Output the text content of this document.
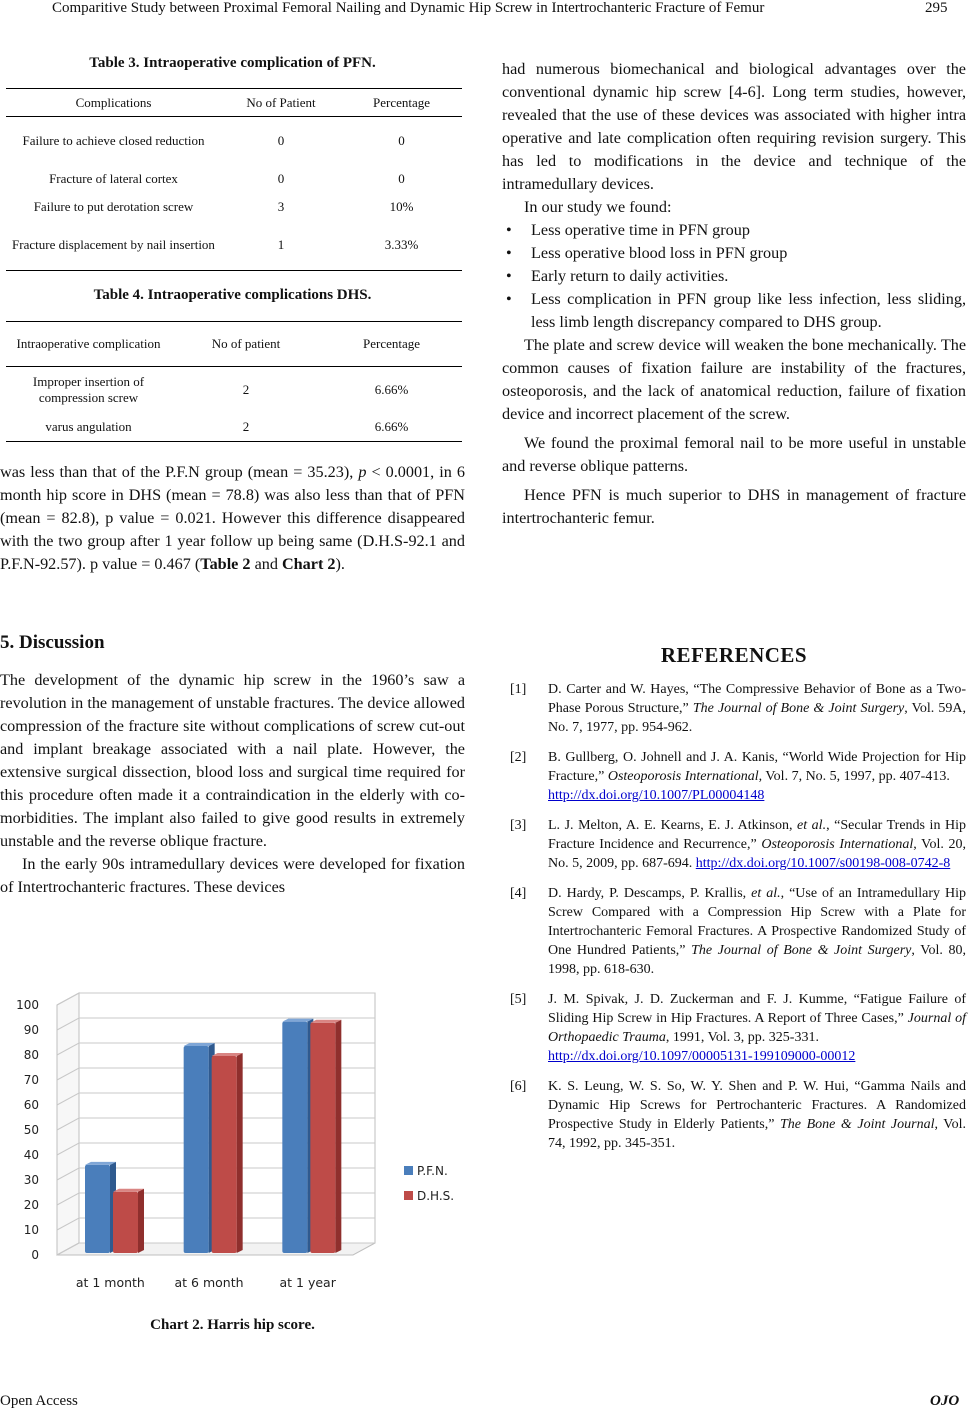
Comparitive Study between Proximal Femoral Nailing and Dynamic Hip Screw in Intertrochanteric Fracture of Femur	295
Table 3. Intraoperative complication of PFN.
Complications	No of Patient	Percentage
Failure to achieve closed reduction	0	0
Fracture of lateral cortex	0	0
Failure to put derotation screw	3	10%
Fracture displacement by nail insertion	1	3.33%
Table 4. Intraoperative complications DHS.
Intraoperative complication	No of patient	Percentage
Improper insertion of compression screw	2	6.66%
varus angulation	2	6.66%

was less than that of the P.F.N group (mean = 35.23), p < 0.0001, in 6 month hip score in DHS (mean = 78.8) was also less than that of PFN (mean = 82.8), p value = 0.021. However this difference disappeared with the two group after 1 year follow up being same (D.H.S-92.1 and P.F.N-92.57). p value = 0.467 (Table 2 and Chart 2).

5. Discussion

The development of the dynamic hip screw in the 1960’s saw a revolution in the management of unstable fractures. The device allowed compression of the fracture site without complications of screw cut-out and implant breakage associated with a nail plate. However, the extensive surgical dissection, blood loss and surgical time required for this procedure often made it a contraindication in the elderly with co-morbidities. The implant also failed to give good results in extremely unstable and the reverse oblique fracture.

In the early 90s intramedullary devices were developed for fixation of Intertrochanteric fractures. These devices

0
10
20
30
40
50
60
70
80
90
100
at 1 month at 6 month	at 1 year
P.F.N.
D.H.S.
Chart 2. Harris hip score.

had numerous biomechanical and biological advantages over the conventional dynamic hip screw [4-6]. Long term studies, however, revealed that the use of these devices was associated with higher intra operative and late complication often requiring revision surgery. This has led to modifications in the device and technique of the intramedullary devices.

In our study we found:

• Less operative time in PFN group
• Less operative blood loss in PFN group
• Early return to daily activities.
• Less complication in PFN group like less infection, less sliding, less limb length discrepancy compared to DHS group.

The plate and screw device will weaken the bone mechanically. The common causes of fixation failure are instability of the fractures, osteoporosis, and the lack of anatomical reduction, failure of fixation device and incorrect placement of the screw.

We found the proximal femoral nail to be more useful in unstable and reverse oblique patterns.

Hence PFN is much superior to DHS in management of fracture intertrochanteric femur.

REFERENCES
[1] D. Carter and W. Hayes, “The Compressive Behavior of Bone as a Two-Phase Porous Structure,” The Journal of Bone & Joint Surgery, Vol. 59A, No. 7, 1977, pp. 954-962.
[2] B. Gullberg, O. Johnell and J. A. Kanis, “World Wide Projection for Hip Fracture,” Osteoporosis International, Vol. 7, No. 5, 1997, pp. 407-413.
http://dx.doi.org/10.1007/PL00004148
[3] L. J. Melton, A. E. Kearns, E. J. Atkinson, et al., “Secular Trends in Hip Fracture Incidence and Recurrence,” Osteoporosis International, Vol. 20, No. 5, 2009, pp. 687-694. http://dx.doi.org/10.1007/s00198-008-0742-8
[4] D. Hardy, P. Descamps, P. Krallis, et al., “Use of an Intramedullary Hip Screw Compared with a Compression Hip Screw with a Plate for Intertrochanteric Femoral Fractures. A Prospective Randomized Study of One Hundred Patients,” The Journal of Bone & Joint Surgery, Vol. 80, 1998, pp. 618-630.
[5] J. M. Spivak, J. D. Zuckerman and F. J. Kumme, “Fatigue Failure of Sliding Hip Screw in Hip Fractures. A Report of Three Cases,” Journal of Orthopaedic Trauma, 1991, Vol. 3, pp. 325-331.
http://dx.doi.org/10.1097/00005131-199109000-00012
[6] K. S. Leung, W. S. So, W. Y. Shen and P. W. Hui, “Gamma Nails and Dynamic Hip Screws for Pertrochanteric Fractures. A Randomized Prospective Study in Elderly Patients,” The Bone & Joint Journal, Vol. 74, 1992, pp. 345-351.
Open Access	OJO
